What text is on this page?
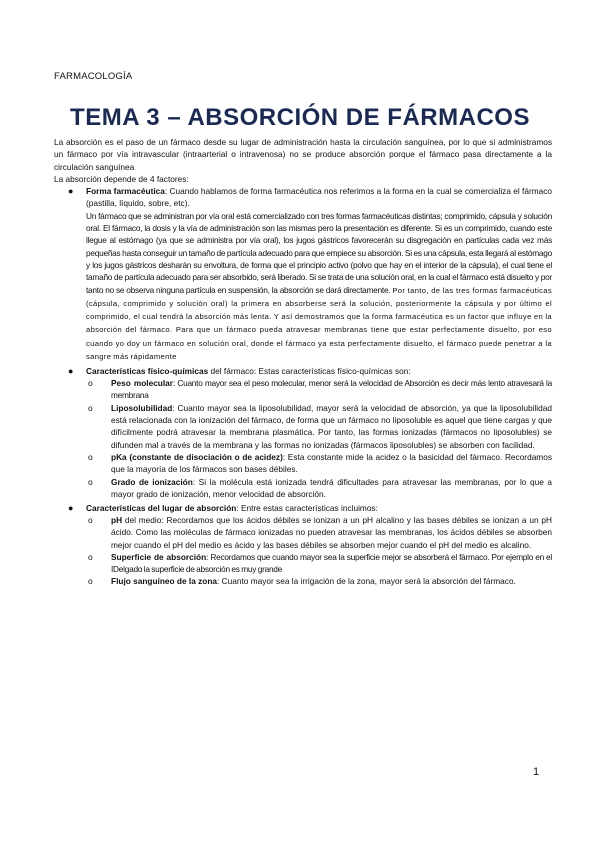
FARMACOLOGÍA
TEMA 3 – ABSORCIÓN DE FÁRMACOS

La absorción es el paso de un fármaco desde su lugar de administración hasta la circulación sanguínea, por lo que si administramos un fármaco por vía intravascular (intraarterial o intravenosa) no se produce absorción porque el fármaco pasa directamente a la circulación sanguínea

La absorción depende de 4 factores:

● Forma farmacéutica: Cuando hablamos de forma farmacéutica nos referimos a la forma en la cual se comercializa el fármaco (pastilla, líquido, sobre, etc).

Un fármaco que se administran por vía oral está comercializado con tres formas farmacéuticas distintas; comprimido, cápsula y solución oral. El fármaco, la dosis y la vía de administración son las mismas pero la presentación es diferente. Si es un comprimido, cuando este llegue al estómago (ya que se administra por vía oral), los jugos gástricos favorecerán su disgregación en partículas cada vez más pequeñas hasta conseguir un tamaño de partícula adecuado para que empiece su absorción. Si es una cápsula, esta llegará al estómago y los jugos gástricos desharán su envoltura, de forma que el principio activo (polvo que hay en el interior de la cápsula), el cual tiene el tamaño de partícula adecuado para ser absorbido, será liberado. Si se trata de una solución oral, en la cual el fármaco está disuelto y por tanto no se observa ninguna partícula en suspensión, la absorción se dará directamente. Por tanto, de las tres formas farmacéuticas (cápsula, comprimido y solución oral) la primera en absorberse será la solución, posteriormente la cápsula y por último el comprimido, el cual tendrá la absorción más lenta. Y así demostramos que la forma farmacéutica es un factor que influye en la absorción del fármaco. Para que un fármaco pueda atravesar membranas tiene que estar perfectamente disuelto, por eso cuando yo doy un fármaco en solución oral, donde el fármaco ya esta perfectamente disuelto, el fármaco puede penetrar a la sangre más rápidamente

● Características físico-químicas del fármaco: Estas características físico-químicas son:
o Peso molecular: Cuanto mayor sea el peso molecular, menor será la velocidad de Absorción es decir más lento atravesará la membrana
o Liposolubilidad: Cuanto mayor sea la liposolubilidad, mayor será la velocidad de absorción, ya que la liposolubilidad está relacionada con la ionización del fármaco, de forma que un fármaco no liposoluble es aquel que tiene cargas y que difícilmente podrá atravesar la membrana plasmática. Por tanto, las formas ionizadas (fármacos no liposolubles) se difunden mal a través de la membrana y las formas no ionizadas (fármacos liposolubles) se absorben con facilidad.
o pKa (constante de disociación o de acidez): Esta constante mide la acidez o la basicidad del fármaco. Recordamos que la mayoría de los fármacos son bases débiles.
o Grado de ionización: Si la molécula está ionizada tendrá dificultades para atravesar las membranas, por lo que a mayor grado de ionización, menor velocidad de absorción.
● Características del lugar de absorción: Entre estas características incluimos:
o pH del medio: Recordamos que los ácidos débiles se ionizan a un pH alcalino y las bases débiles se ionizan a un pH ácido. Como las moléculas de fármaco ionizadas no pueden atravesar las membranas, los ácidos débiles se absorben mejor cuando el pH del medio es ácido y las bases débiles se absorben mejor cuando el pH del medio es alcalino.
o Superficie de absorción: Recordamos que cuando mayor sea la superficie mejor se absorberá el fármaco. Por ejemplo en el IDelgado la superficie de absorción es muy grande
o Flujo sanguíneo de la zona: Cuanto mayor sea la irrigación de la zona, mayor será la absorción del fármaco.
1
